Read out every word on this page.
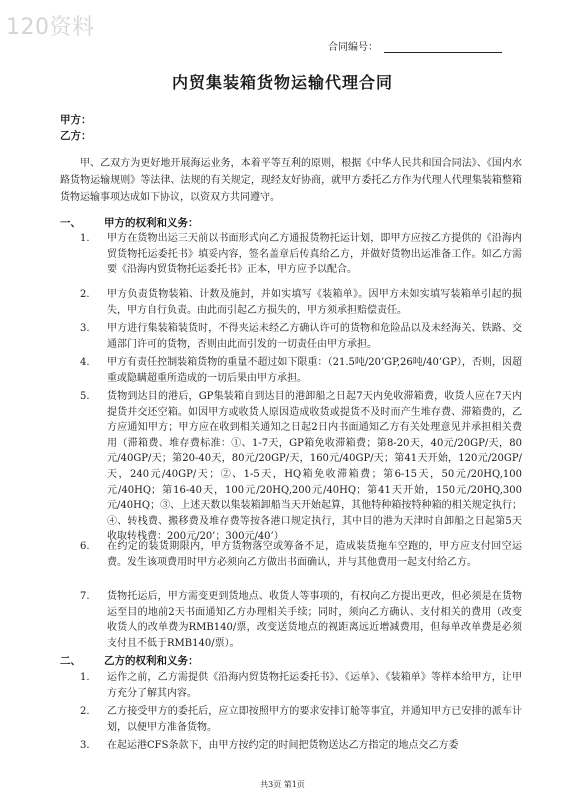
120资料
合同编号：
内贸集装箱货物运输代理合同
甲方：
乙方：
甲、乙双方为更好地开展海运业务，本着平等互利的原则，根据《中华人民共和国合同法》、《国内水路货物运输规则》等法律、法规的有关规定，现经友好协商，就甲方委托乙方作为代理人代理集装箱整箱货物运输事项达成如下协议，以资双方共同遵守。
一、 甲方的权利和义务：
1. 甲方在货物出运三天前以书面形式向乙方通报货物托运计划，即甲方应按乙方提供的《沿海内贸货物托运委托书》填妥内容，签名盖章后传真给乙方，并做好货物出运准备工作。如乙方需要《沿海内贸货物托运委托书》正本，甲方应予以配合。
2. 甲方负责货物装箱、计数及施封，并如实填写《装箱单》。因甲方未如实填写装箱单引起的损失，甲方自行负责。由此而引起乙方损失的，甲方须承担赔偿责任。
3. 甲方进行集装箱装货时，不得夹运未经乙方确认许可的货物和危险品以及未经海关、铁路、交通部门许可的货物，否则由此而引发的一切责任由甲方承担。
4. 甲方有责任控制装箱货物的重量不超过如下限重：（21.5吨/20’GP,26吨/40’GP），否则，因超重或隐瞒超重所造成的一切后果由甲方承担。
5. 货物到达目的港后，GP集装箱自到达目的港卸船之日起7天内免收滞箱费，收货人应在7天内提货并交还空箱。如因甲方或收货人原因造成收货或提货不及时而产生堆存费、滞箱费的，乙方应通知甲方；甲方应在收到相关通知之日起2日内书面通知乙方有关处理意见并承担相关费用（滞箱费、堆存费标准：①、1-7天，GP箱免收滞箱费；第8-20天，40元/20GP/天，80元/40GP/天；第20-40天，80元/20GP/天，160元/40GP/天；第41天开始，120元/20GP/天，240元/40GP/天；②、1-5天，HQ箱免收滞箱费；第6-15天，50元/20HQ,100元/40HQ；第16-40天，100元/20HQ,200元/40HQ；第41天开始，150元/20HQ,300元/40HQ；③、上述天数以集装箱卸船当天开始起算，其他特种箱按特种箱的相关规定执行；④、转栈费、搬移费及堆存费等按各港口规定执行，其中目的港为天津时自卸船之日起第5天收取转栈费：200元/20’；300元/40’）
6. 在约定的装货期限内，甲方货物落空或筹备不足，造成装货拖车空跑的，甲方应支付回空运费。发生该项费用时甲方必须向乙方做出书面确认，并与其他费用一起支付给乙方。
7. 货物托运后，甲方需变更到货地点、收货人等事项的，有权向乙方提出更改，但必须是在货物运至目的地前2天书面通知乙方办理相关手续；同时，须向乙方确认、支付相关的费用（改变收货人的改单费为RMB140/票，改变送货地点的视距离远近增减费用，但每单改单费是必须支付且不低于RMB140/票）。
二、 乙方的权利和义务：
1. 运作之前，乙方需提供《沿海内贸货物托运委托书》、《运单》、《装箱单》等样本给甲方，让甲方充分了解其内容。
2. 乙方接受甲方的委托后，应立即按照甲方的要求安排订舱等事宜，并通知甲方已安排的派车计划，以便甲方准备货物。
3. 在起运港CFS条款下，由甲方按约定的时间把货物送达乙方指定的地点交乙方委
共3页 第1页
